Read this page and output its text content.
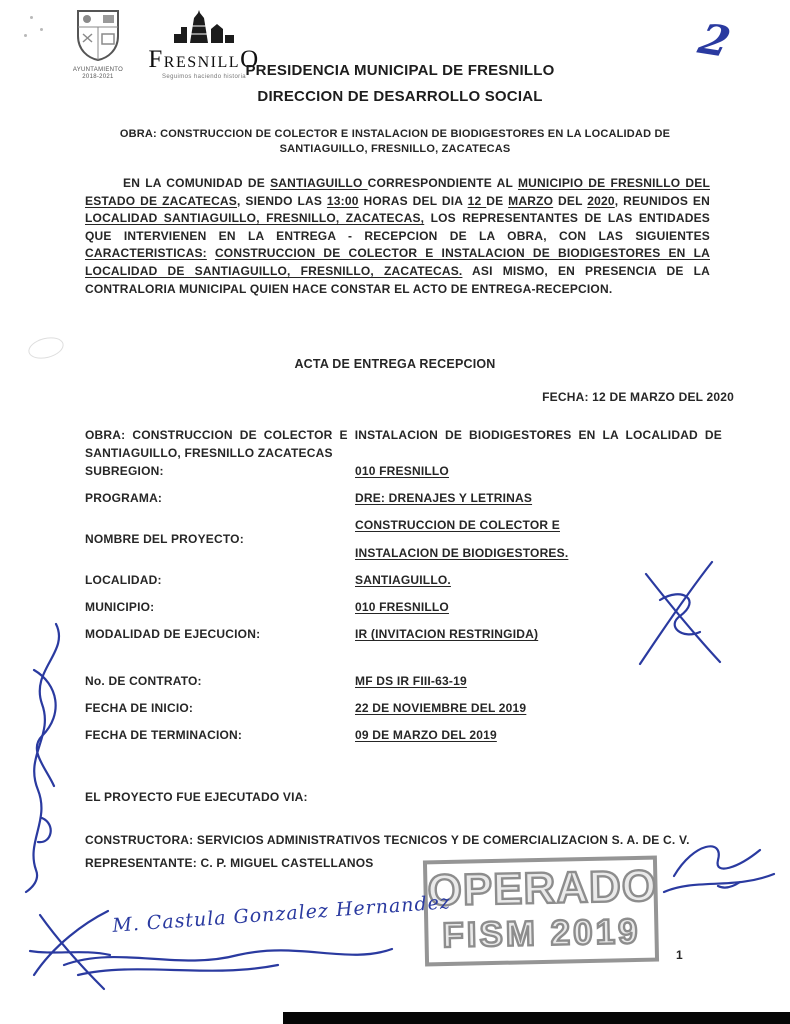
AYUNTAMIENTO
2018-2021
FRESNILLO
Seguimos haciendo historia
2
PRESIDENCIA MUNICIPAL DE FRESNILLO
DIRECCION DE DESARROLLO SOCIAL
OBRA: CONSTRUCCION DE COLECTOR E INSTALACION DE BIODIGESTORES EN LA LOCALIDAD DE SANTIAGUILLO, FRESNILLO, ZACATECAS

EN LA COMUNIDAD DE SANTIAGUILLO CORRESPONDIENTE AL MUNICIPIO DE FRESNILLO DEL ESTADO DE ZACATECAS, SIENDO LAS 13:00 HORAS DEL DIA 12 DE MARZO DEL 2020, REUNIDOS EN LOCALIDAD SANTIAGUILLO, FRESNILLO, ZACATECAS, LOS REPRESENTANTES DE LAS ENTIDADES QUE INTERVIENEN EN LA ENTREGA - RECEPCION DE LA OBRA, CON LAS SIGUIENTES CARACTERISTICAS: CONSTRUCCION DE COLECTOR E INSTALACION DE BIODIGESTORES EN LA LOCALIDAD DE SANTIAGUILLO, FRESNILLO, ZACATECAS. ASI MISMO, EN PRESENCIA DE LA CONTRALORIA MUNICIPAL QUIEN HACE CONSTAR EL ACTO DE ENTREGA-RECEPCION.

ACTA DE ENTREGA RECEPCION
FECHA: 12 DE MARZO DEL 2020
OBRA: CONSTRUCCION DE COLECTOR E INSTALACION DE BIODIGESTORES EN LA LOCALIDAD DE
SANTIAGUILLO, FRESNILLO ZACATECAS
SUBREGION:	010 FRESNILLO
PROGRAMA:	DRE: DRENAJES Y LETRINAS
NOMBRE DEL PROYECTO:
CONSTRUCCION DE COLECTOR E
INSTALACION DE BIODIGESTORES.
LOCALIDAD:	SANTIAGUILLO.
MUNICIPIO:	010 FRESNILLO
MODALIDAD DE EJECUCION:	IR (INVITACION RESTRINGIDA)
No. DE CONTRATO:	MF DS IR FIII-63-19
FECHA DE INICIO:	22 DE NOVIEMBRE DEL 2019
FECHA DE TERMINACION:	09 DE MARZO DEL 2019
EL PROYECTO FUE EJECUTADO VIA:
CONSTRUCTORA: SERVICIOS ADMINISTRATIVOS TECNICOS Y DE COMERCIALIZACION S. A. DE C. V.
REPRESENTANTE: C. P. MIGUEL CASTELLANOS	OPERADO
FISM 2019	1
M. Castula Gonzalez Hernandez
